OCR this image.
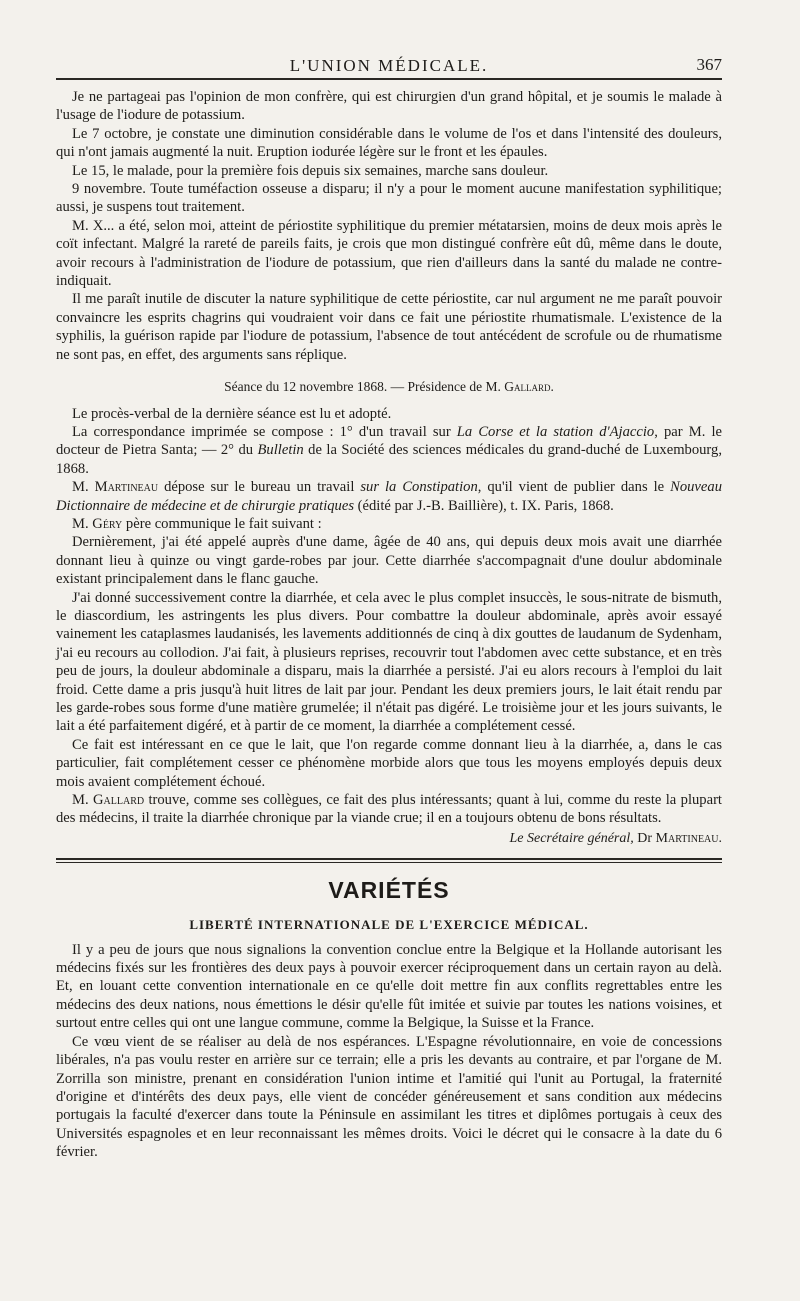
L'UNION MÉDICALE.	367

Je ne partageai pas l'opinion de mon confrère, qui est chirurgien d'un grand hôpital, et je soumis le malade à l'usage de l'iodure de potassium.

Le 7 octobre, je constate une diminution considérable dans le volume de l'os et dans l'intensité des douleurs, qui n'ont jamais augmenté la nuit. Eruption iodurée légère sur le front et les épaules.

Le 15, le malade, pour la première fois depuis six semaines, marche sans douleur.

9 novembre. Toute tuméfaction osseuse a disparu; il n'y a pour le moment aucune manifestation syphilitique; aussi, je suspens tout traitement.

M. X... a été, selon moi, atteint de périostite syphilitique du premier métatarsien, moins de deux mois après le coït infectant. Malgré la rareté de pareils faits, je crois que mon distingué confrère eût dû, même dans le doute, avoir recours à l'administration de l'iodure de potassium, que rien d'ailleurs dans la santé du malade ne contre-indiquait.

Il me paraît inutile de discuter la nature syphilitique de cette périostite, car nul argument ne me paraît pouvoir convaincre les esprits chagrins qui voudraient voir dans ce fait une périostite rhumatismale. L'existence de la syphilis, la guérison rapide par l'iodure de potassium, l'absence de tout antécédent de scrofule ou de rhumatisme ne sont pas, en effet, des arguments sans réplique.

Séance du 12 novembre 1868. — Présidence de M. Gallard.

Le procès-verbal de la dernière séance est lu et adopté.

La correspondance imprimée se compose : 1° d'un travail sur La Corse et la station d'Ajaccio, par M. le docteur de Pietra Santa; — 2° du Bulletin de la Société des sciences médicales du grand-duché de Luxembourg, 1868.

M. Martineau dépose sur le bureau un travail sur la Constipation, qu'il vient de publier dans le Nouveau Dictionnaire de médecine et de chirurgie pratiques (édité par J.-B. Baillière), t. IX. Paris, 1868.

M. Géry père communique le fait suivant :

Dernièrement, j'ai été appelé auprès d'une dame, âgée de 40 ans, qui depuis deux mois avait une diarrhée donnant lieu à quinze ou vingt garde-robes par jour. Cette diarrhée s'accompagnait d'une doulur abdominale existant principalement dans le flanc gauche.

J'ai donné successivement contre la diarrhée, et cela avec le plus complet insuccès, le sous-nitrate de bismuth, le diascordium, les astringents les plus divers. Pour combattre la douleur abdominale, après avoir essayé vainement les cataplasmes laudanisés, les lavements additionnés de cinq à dix gouttes de laudanum de Sydenham, j'ai eu recours au collodion. J'ai fait, à plusieurs reprises, recouvrir tout l'abdomen avec cette substance, et en très peu de jours, la douleur abdominale a disparu, mais la diarrhée a persisté. J'ai eu alors recours à l'emploi du lait froid. Cette dame a pris jusqu'à huit litres de lait par jour. Pendant les deux premiers jours, le lait était rendu par les garde-robes sous forme d'une matière grumelée; il n'était pas digéré. Le troisième jour et les jours suivants, le lait a été parfaitement digéré, et à partir de ce moment, la diarrhée a complétement cessé.

Ce fait est intéressant en ce que le lait, que l'on regarde comme donnant lieu à la diarrhée, a, dans le cas particulier, fait complétement cesser ce phénomène morbide alors que tous les moyens employés depuis deux mois avaient complétement échoué.

M. Gallard trouve, comme ses collègues, ce fait des plus intéressants; quant à lui, comme du reste la plupart des médecins, il traite la diarrhée chronique par la viande crue; il en a toujours obtenu de bons résultats.

Le Secrétaire général, Dr Martineau.

VARIÉTÉS

LIBERTÉ INTERNATIONALE DE L'EXERCICE MÉDICAL.

Il y a peu de jours que nous signalions la convention conclue entre la Belgique et la Hollande autorisant les médecins fixés sur les frontières des deux pays à pouvoir exercer réciproquement dans un certain rayon au delà. Et, en louant cette convention internationale en ce qu'elle doit mettre fin aux conflits regrettables entre les médecins des deux nations, nous émettions le désir qu'elle fût imitée et suivie par toutes les nations voisines, et surtout entre celles qui ont une langue commune, comme la Belgique, la Suisse et la France.

Ce vœu vient de se réaliser au delà de nos espérances. L'Espagne révolutionnaire, en voie de concessions libérales, n'a pas voulu rester en arrière sur ce terrain; elle a pris les devants au contraire, et par l'organe de M. Zorrilla son ministre, prenant en considération l'union intime et l'amitié qui l'unit au Portugal, la fraternité d'origine et d'intérêts des deux pays, elle vient de concéder généreusement et sans condition aux médecins portugais la faculté d'exercer dans toute la Péninsule en assimilant les titres et diplômes portugais à ceux des Universités espagnoles et en leur reconnaissant les mêmes droits. Voici le décret qui le consacre à la date du 6 février.
